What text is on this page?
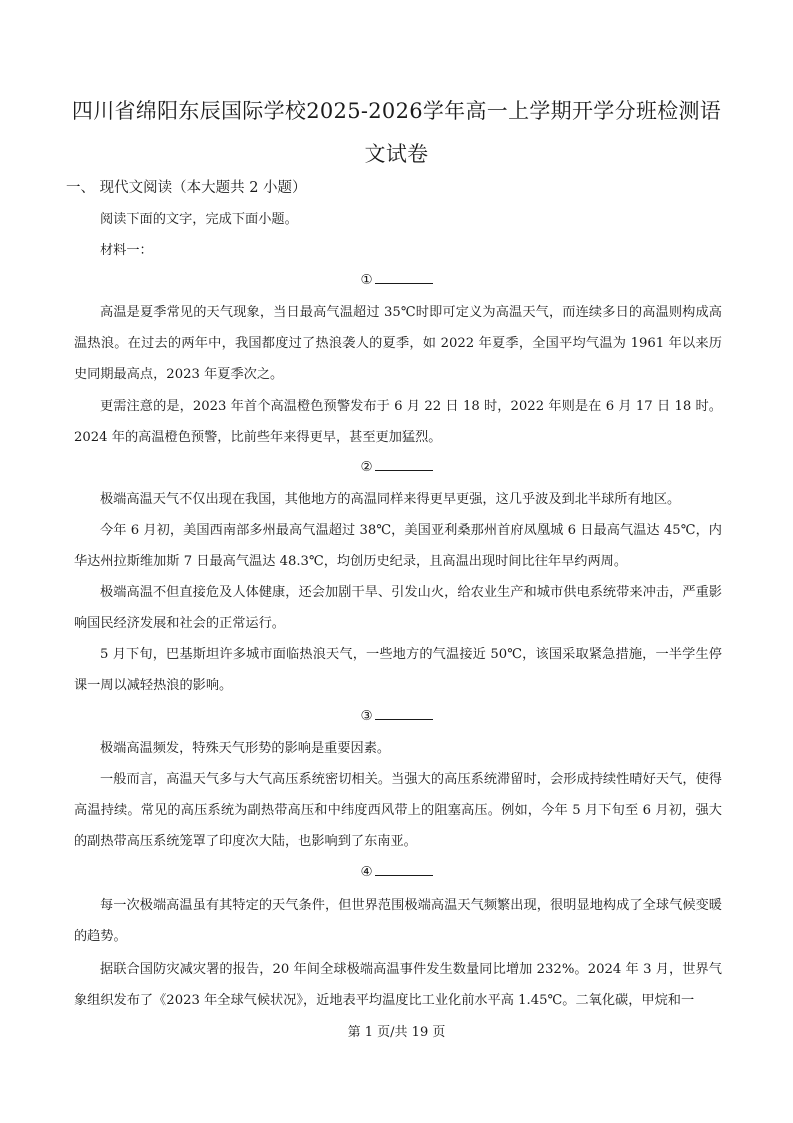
四川省绵阳东辰国际学校2025-2026学年高一上学期开学分班检测语
文试卷
一、 现代文阅读（本大题共 2 小题）
阅读下面的文字，完成下面小题。
材料一：
①
高温是夏季常见的天气现象，当日最高气温超过 35℃时即可定义为高温天气，而连续多日的高温则构成高温热浪。在过去的两年中，我国都度过了热浪袭人的夏季，如 2022 年夏季，全国平均气温为 1961 年以来历史同期最高点，2023 年夏季次之。
更需注意的是，2023 年首个高温橙色预警发布于 6 月 22 日 18 时，2022 年则是在 6 月 17 日 18 时。2024 年的高温橙色预警，比前些年来得更早，甚至更加猛烈。
②
极端高温天气不仅出现在我国，其他地方的高温同样来得更早更强，这几乎波及到北半球所有地区。
今年 6 月初，美国西南部多州最高气温超过 38℃，美国亚利桑那州首府凤凰城 6 日最高气温达 45℃，内华达州拉斯维加斯 7 日最高气温达 48.3℃，均创历史纪录，且高温出现时间比往年早约两周。
极端高温不但直接危及人体健康，还会加剧干旱、引发山火，给农业生产和城市供电系统带来冲击，严重影响国民经济发展和社会的正常运行。
5 月下旬，巴基斯坦许多城市面临热浪天气，一些地方的气温接近 50℃，该国采取紧急措施，一半学生停课一周以减轻热浪的影响。
③
极端高温频发，特殊天气形势的影响是重要因素。
一般而言，高温天气多与大气高压系统密切相关。当强大的高压系统滞留时，会形成持续性晴好天气，使得高温持续。常见的高压系统为副热带高压和中纬度西风带上的阻塞高压。例如，今年 5 月下旬至 6 月初，强大的副热带高压系统笼罩了印度次大陆，也影响到了东南亚。
④
每一次极端高温虽有其特定的天气条件，但世界范围极端高温天气频繁出现，很明显地构成了全球气候变暖的趋势。
据联合国防灾减灾署的报告，20 年间全球极端高温事件发生数量同比增加 232%。2024 年 3 月，世界气象组织发布了《2023 年全球气候状况》，近地表平均温度比工业化前水平高 1.45℃。二氧化碳，甲烷和一
第 1 页/共 19 页
